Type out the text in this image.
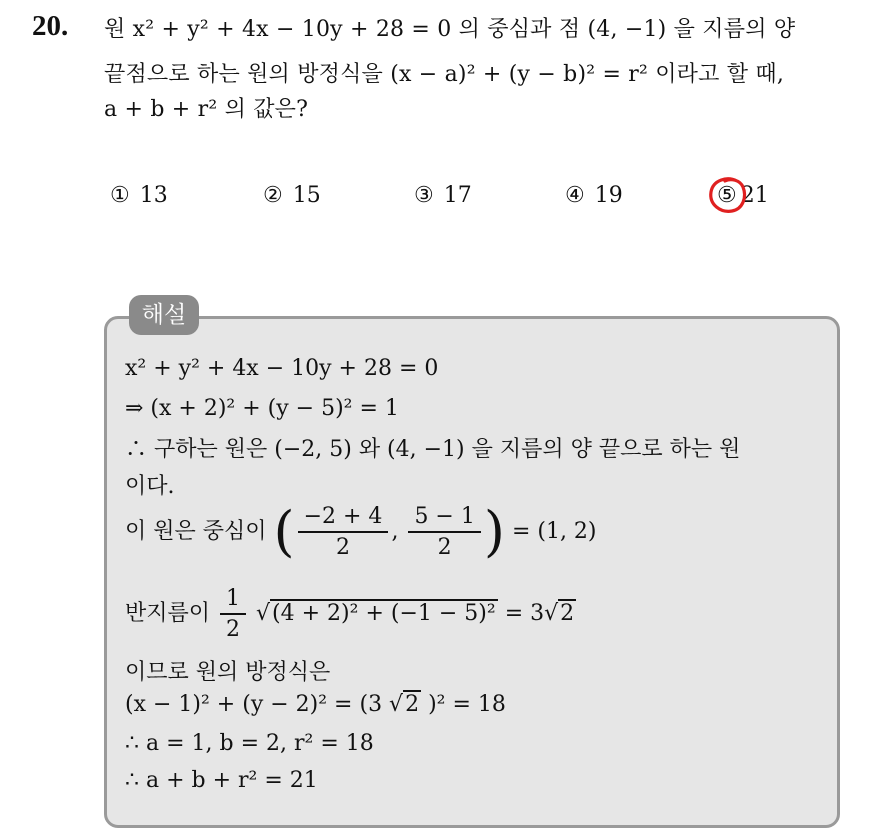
20. 원 x² + y² + 4x − 10y + 28 = 0 의 중심과 점 (4, −1) 을 지름의 양
끝점으로 하는 원의 방정식을 (x − a)² + (y − b)² = r² 이라고 할 때,
a + b + r² 의 값은?
① 13	② 15	③ 17	④ 19	⑤ 21
해설
x² + y² + 4x − 10y + 28 = 0
⇒ (x + 2)² + (y − 5)² = 1
∴ 구하는 원은 (−2, 5) 와 (4, −1) 을 지름의 양 끝으로 하는 원
이다.
이 원은 중심이 ( $\frac{-2 + 4}{2}$ , $\frac{5 - 1}{2}$ ) = (1, 2)
반지름이 $\frac{1}{2} √(4 + 2)^2 + (-1 - 5)^2 = 3√2$
이므로 원의 방정식은
(x − 1)² + (y − 2)² = (3 √2 )² = 18
∴ a = 1, b = 2, r² = 18
∴ a + b + r² = 21
